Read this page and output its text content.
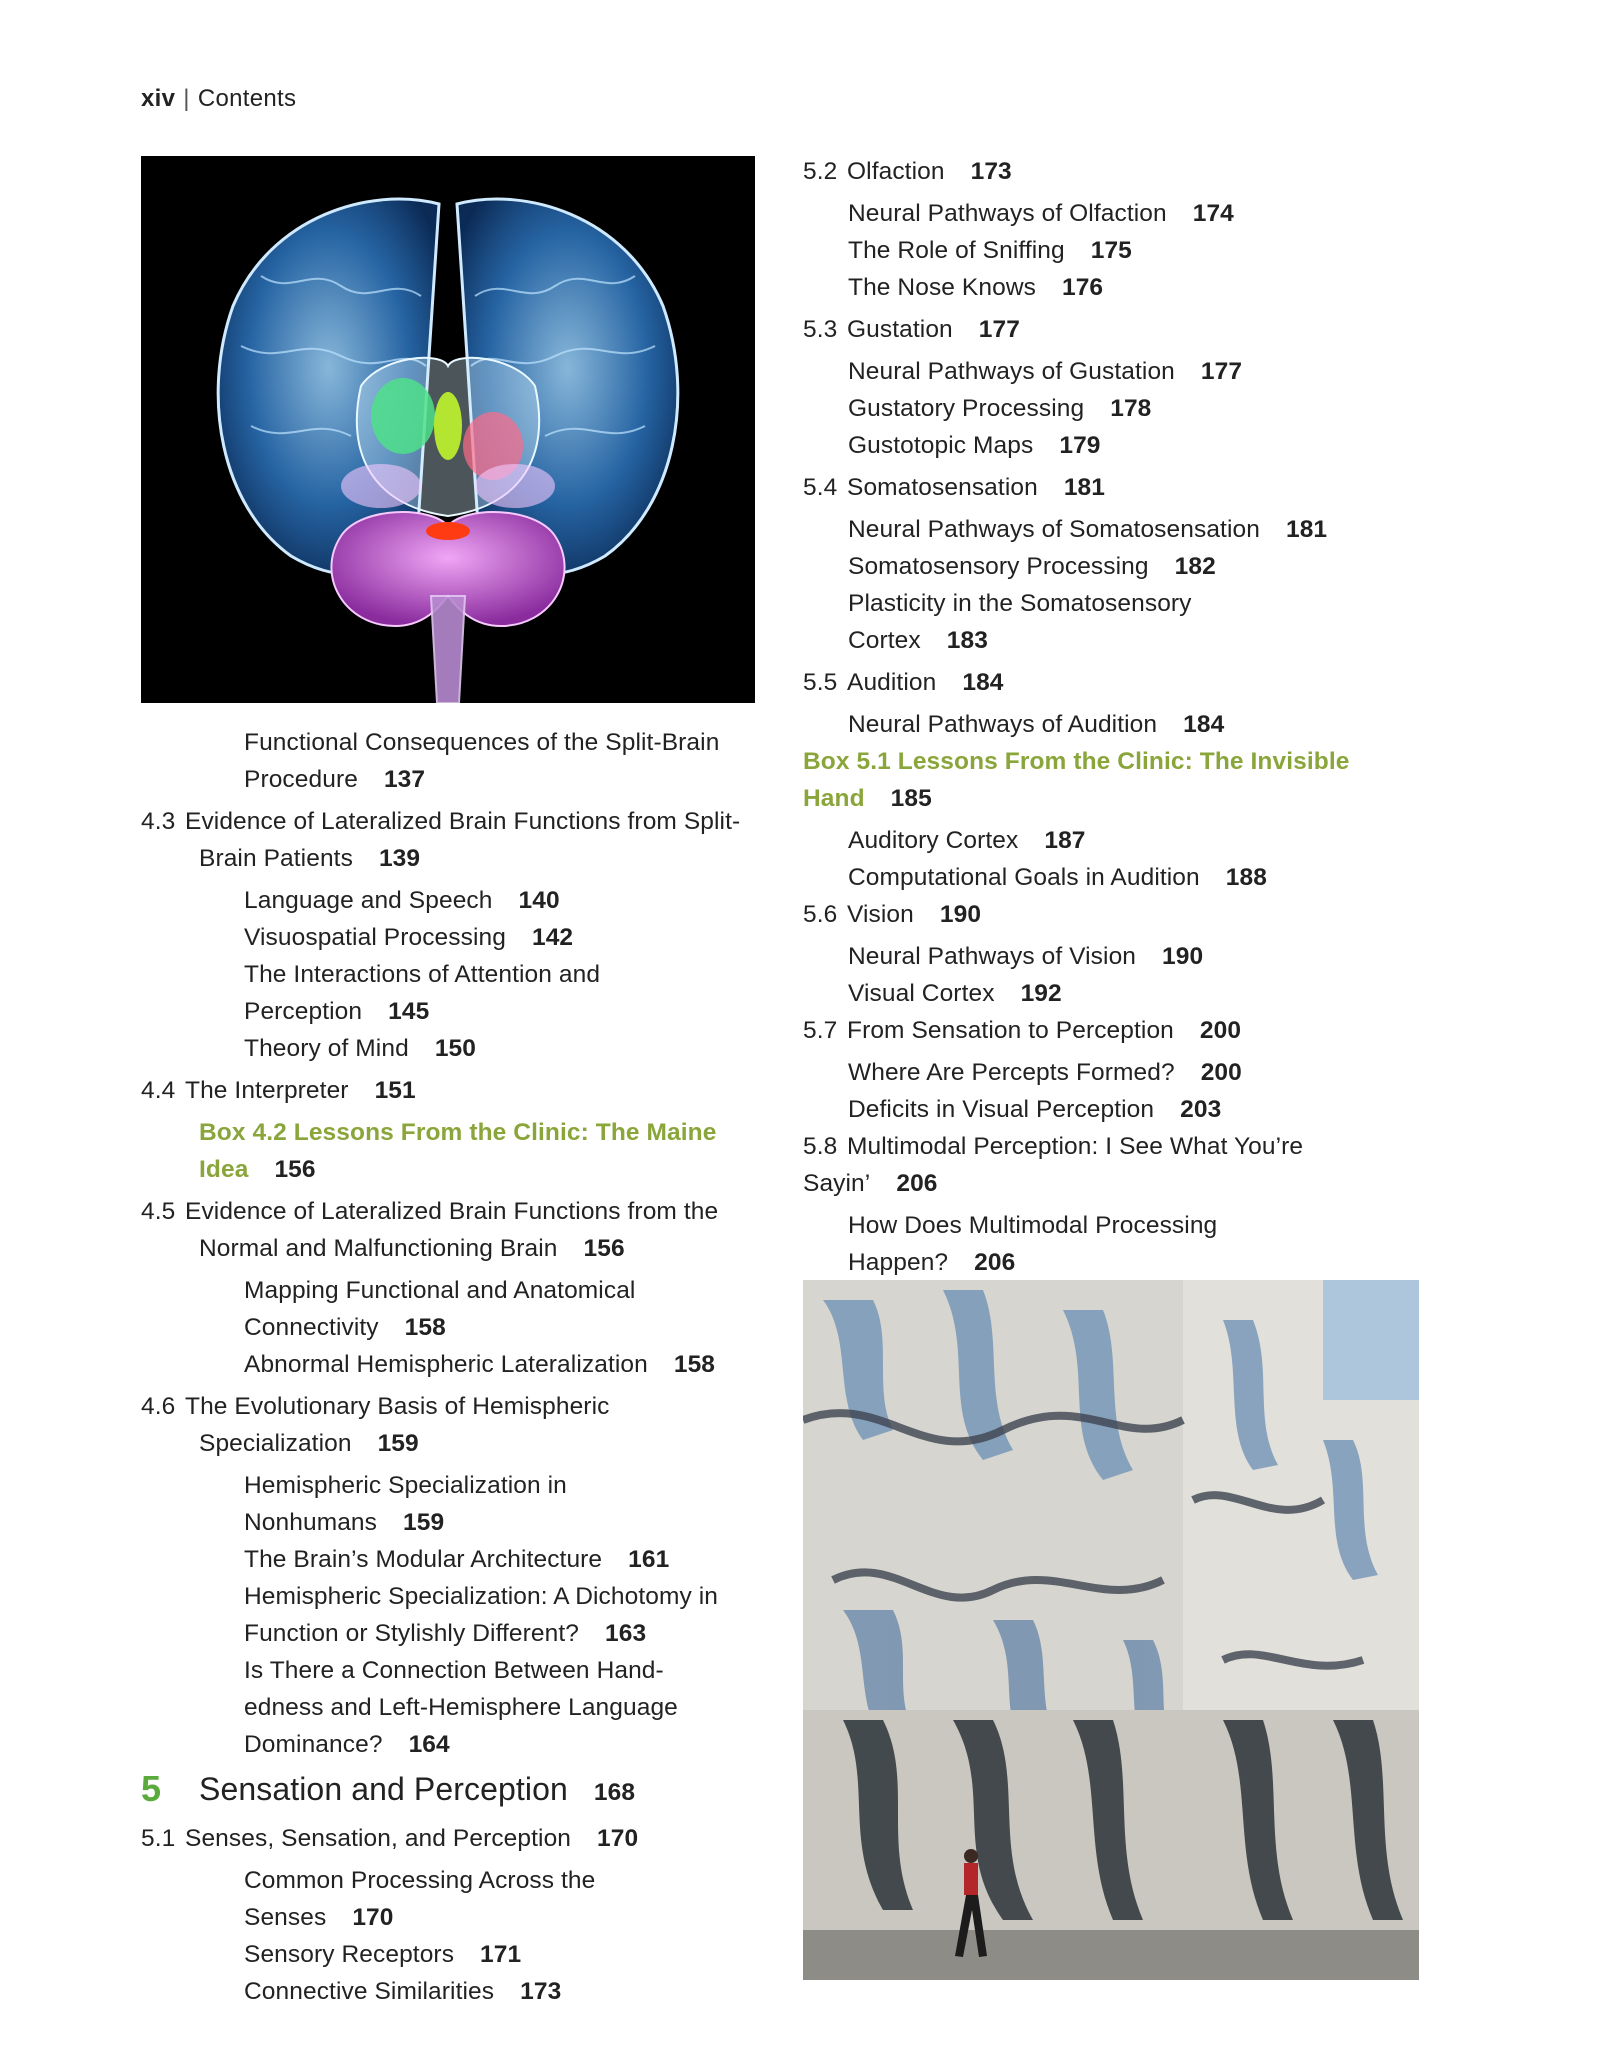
xiv | Contents
Functional Consequences of the Split-Brain Procedure 137
4.3 Evidence of Lateralized Brain Functions from Split-Brain Patients 139
Language and Speech 140
Visuospatial Processing 142
The Interactions of Attention and Perception 145
Theory of Mind 150
4.4 The Interpreter 151
Box 4.2 Lessons From the Clinic: The Maine Idea 156
4.5 Evidence of Lateralized Brain Functions from the Normal and Malfunctioning Brain 156
Mapping Functional and Anatomical Connectivity 158
Abnormal Hemispheric Lateralization 158
4.6 The Evolutionary Basis of Hemispheric Specialization 159
Hemispheric Specialization in Nonhumans 159
The Brain’s Modular Architecture 161
Hemispheric Specialization: A Dichotomy in Function or Stylishly Different? 163
Is There a Connection Between Hand-edness and Left-Hemisphere Language Dominance? 164
5 Sensation and Perception 168
5.1 Senses, Sensation, and Perception 170
Common Processing Across the Senses 170
Sensory Receptors 171
Connective Similarities 173
5.2 Olfaction 173
Neural Pathways of Olfaction 174
The Role of Sniffing 175
The Nose Knows 176
5.3 Gustation 177
Neural Pathways of Gustation 177
Gustatory Processing 178
Gustotopic Maps 179
5.4 Somatosensation 181
Neural Pathways of Somatosensation 181
Somatosensory Processing 182
Plasticity in the Somatosensory Cortex 183
5.5 Audition 184
Neural Pathways of Audition 184
Box 5.1 Lessons From the Clinic: The Invisible Hand 185
Auditory Cortex 187
Computational Goals in Audition 188
5.6 Vision 190
Neural Pathways of Vision 190
Visual Cortex 192
5.7 From Sensation to Perception 200
Where Are Percepts Formed? 200
Deficits in Visual Perception 203
5.8 Multimodal Perception: I See What You’re Sayin’ 206
How Does Multimodal Processing Happen? 206
